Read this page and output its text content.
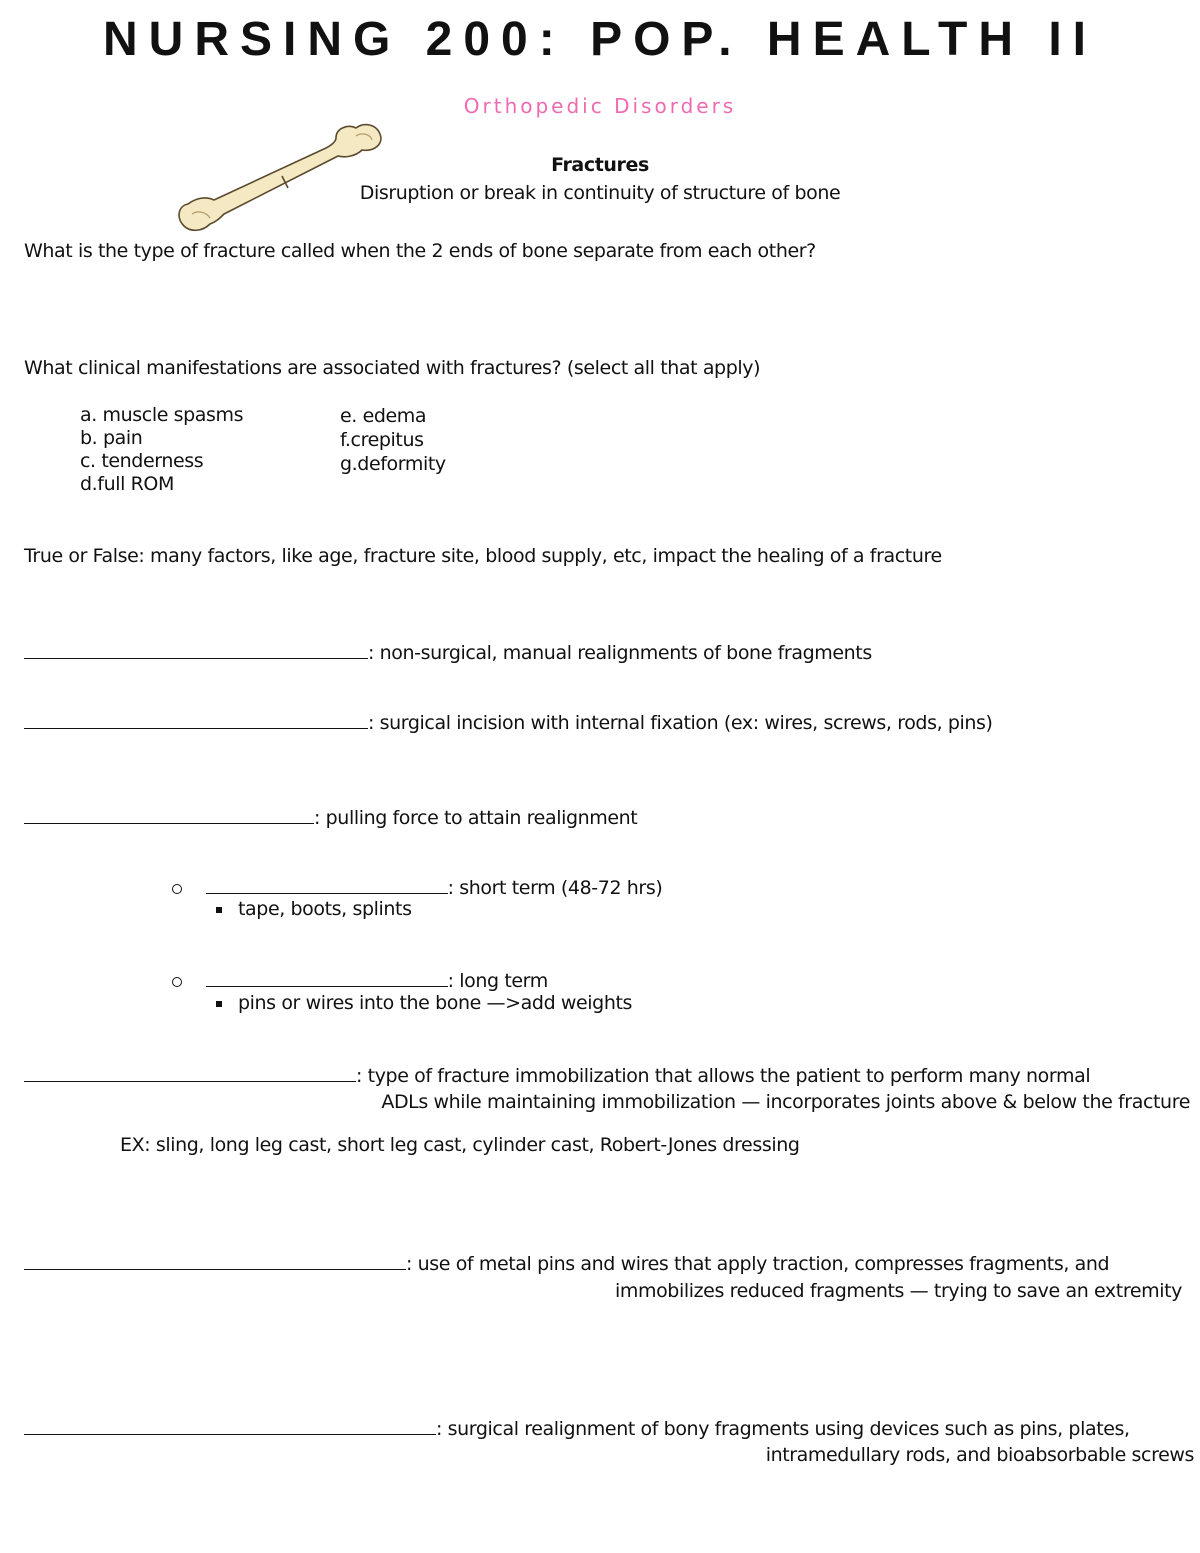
NURSING 200: POP. HEALTH II
Orthopedic Disorders
Fractures
Disruption or break in continuity of structure of bone
What is the type of fracture called when the 2 ends of bone separate from each other?
What clinical manifestations are associated with fractures? (select all that apply)
a. muscle spasms
b. pain
c. tenderness
d.full ROM
e. edema
f.crepitus
g.deformity
True or False: many factors, like age, fracture site, blood supply, etc, impact the healing of a fracture
: non-surgical, manual realignments of bone fragments
: surgical incision with internal fixation (ex: wires, screws, rods, pins)
: pulling force to attain realignment
: short term (48-72 hrs)
tape, boots, splints
: long term
pins or wires into the bone —>add weights
: type of fracture immobilization that allows the patient to perform many normal
ADLs while maintaining immobilization — incorporates joints above & below the fracture
EX: sling, long leg cast, short leg cast, cylinder cast, Robert-Jones dressing
: use of metal pins and wires that apply traction, compresses fragments, and
immobilizes reduced fragments — trying to save an extremity
: surgical realignment of bony fragments using devices such as pins, plates,
intramedullary rods, and bioabsorbable screws
